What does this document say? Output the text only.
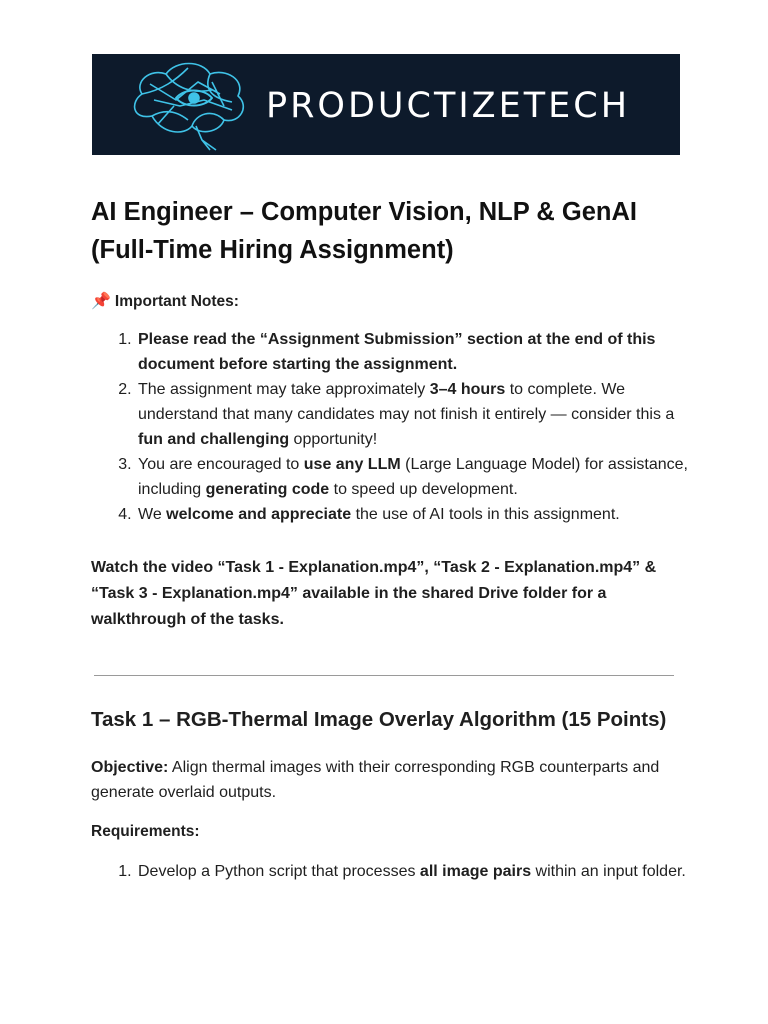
PRODUCTIZETECH
AI Engineer – Computer Vision, NLP & GenAI
(Full-Time Hiring Assignment)
📌 Important Notes:
1. Please read the “Assignment Submission” section at the end of this document before starting the assignment.
2. The assignment may take approximately 3–4 hours to complete. We understand that many candidates may not finish it entirely — consider this a fun and challenging opportunity!
3. You are encouraged to use any LLM (Large Language Model) for assistance, including generating code to speed up development.
4. We welcome and appreciate the use of AI tools in this assignment.
Watch the video “Task 1 - Explanation.mp4”, “Task 2 - Explanation.mp4” & “Task 3 - Explanation.mp4” available in the shared Drive folder for a walkthrough of the tasks.
Task 1 – RGB-Thermal Image Overlay Algorithm (15 Points)
Objective: Align thermal images with their corresponding RGB counterparts and generate overlaid outputs.
Requirements:
1. Develop a Python script that processes all image pairs within an input folder.
